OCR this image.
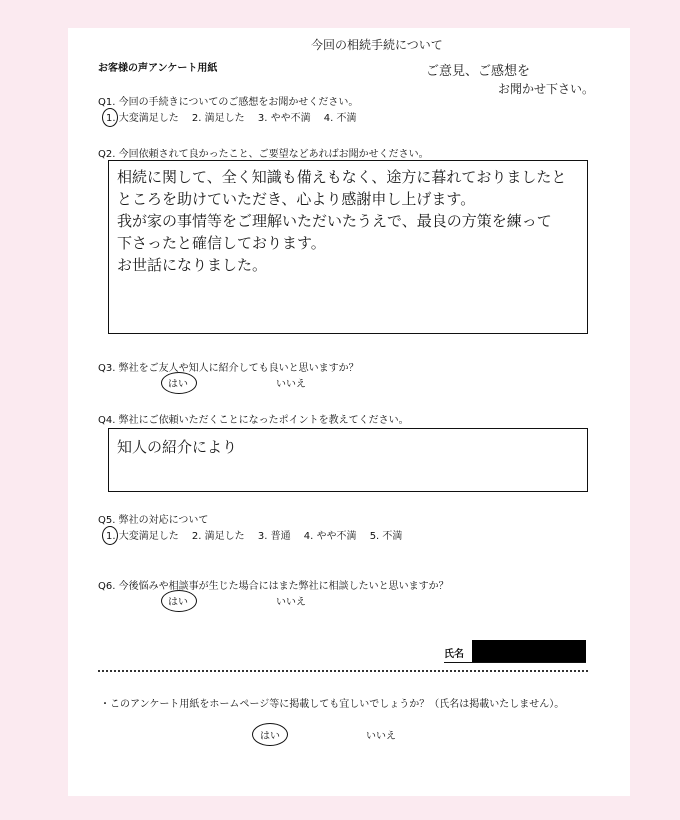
今回の相続手続について
ご意見、ご感想を
お聞かせ下さい。
お客様の声アンケート用紙
Q1. 今回の手続きについてのご感想をお聞かせください。
1. 大変満足した 2. 満足した 3. やや不満 4. 不満
Q2. 今回依頼されて良かったこと、ご要望などあればお聞かせください。
相続に関して、全く知識も備えもなく、途方に暮れておりましたと
ところを助けていただき、心より感謝申し上げます。
我が家の事情等をご理解いただいたうえで、最良の方策を練って
下さったと確信しております。
お世話になりました。
Q3. 弊社をご友人や知人に紹介しても良いと思いますか？
はい	いいえ
Q4. 弊社にご依頼いただくことになったポイントを教えてください。
知人の紹介により
Q5. 弊社の対応について
1. 大変満足した 2. 満足した 3. 普通 4. やや不満 5. 不満
Q6. 今後悩みや相談事が生じた場合にはまた弊社に相談したいと思いますか？
はい	いいえ
氏名
・このアンケート用紙をホームページ等に掲載しても宜しいでしょうか？（氏名は掲載いたしません）。
はい	いいえ
